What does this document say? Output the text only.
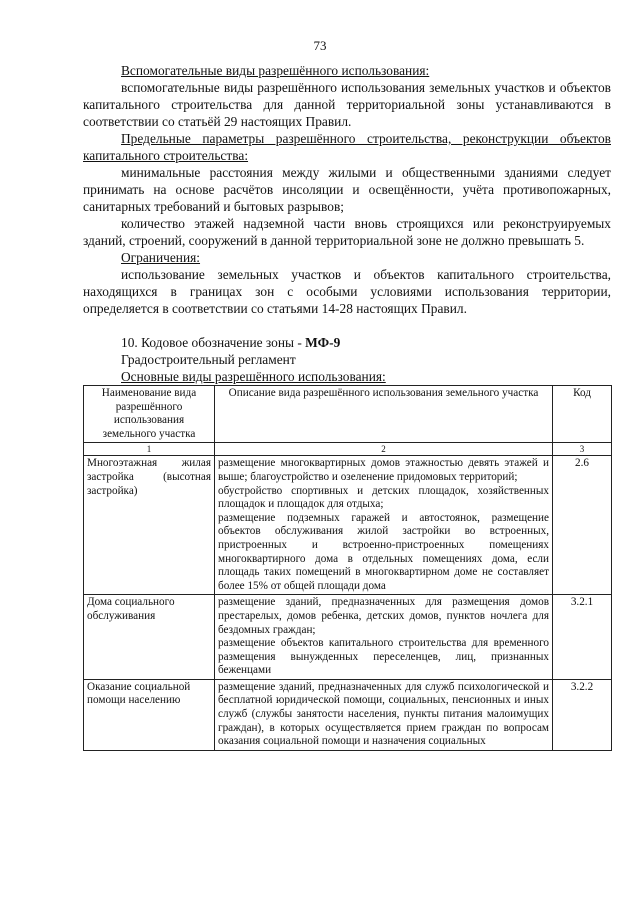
73

Вспомогательные виды разрешённого использования:

вспомогательные виды разрешённого использования земельных участков и объектов капитального строительства для данной территориальной зоны устанавливаются в соответствии со статьёй 29 настоящих Правил.

Предельные параметры разрешённого строительства, реконструкции объектов капитального строительства:

минимальные расстояния между жилыми и общественными зданиями следует принимать на основе расчётов инсоляции и освещённости, учёта противопожарных, санитарных требований и бытовых разрывов;

количество этажей надземной части вновь строящихся или реконструируемых зданий, строений, сооружений в данной территориальной зоне не должно превышать 5.

Ограничения:

использование земельных участков и объектов капитального строительства, находящихся в границах зон с особыми условиями использования территории, определяется в соответствии со статьями 14-28 настоящих Правил.

10. Кодовое обозначение зоны - МФ-9

Градостроительный регламент

Основные виды разрешённого использования:

Наименование вида разрешённого использования земельного участка	Описание вида разрешённого использования земельного участка	Код
1	2	3
Многоэтажная жилая застройка (высотная застройка)	размещение многоквартирных домов этажностью девять этажей и выше; благоустройство и озеленение придомовых территорий;
обустройство спортивных и детских площадок, хозяйственных площадок и площадок для отдыха;
размещение подземных гаражей и автостоянок, размещение объектов обслуживания жилой застройки во встроенных, пристроенных и встроенно-пристроенных помещениях многоквартирного дома в отдельных помещениях дома, если площадь таких помещений в многоквартирном доме не составляет более 15% от общей площади дома	2.6
Дома социального обслуживания	размещение зданий, предназначенных для размещения домов престарелых, домов ребенка, детских домов, пунктов ночлега для бездомных граждан;
размещение объектов капитального строительства для временного размещения вынужденных переселенцев, лиц, признанных беженцами	3.2.1
Оказание социальной помощи населению	размещение зданий, предназначенных для служб психологической и бесплатной юридической помощи, социальных, пенсионных и иных служб (службы занятости населения, пункты питания малоимущих граждан), в которых осуществляется прием граждан по вопросам оказания социальной помощи и назначения социальных	3.2.2
